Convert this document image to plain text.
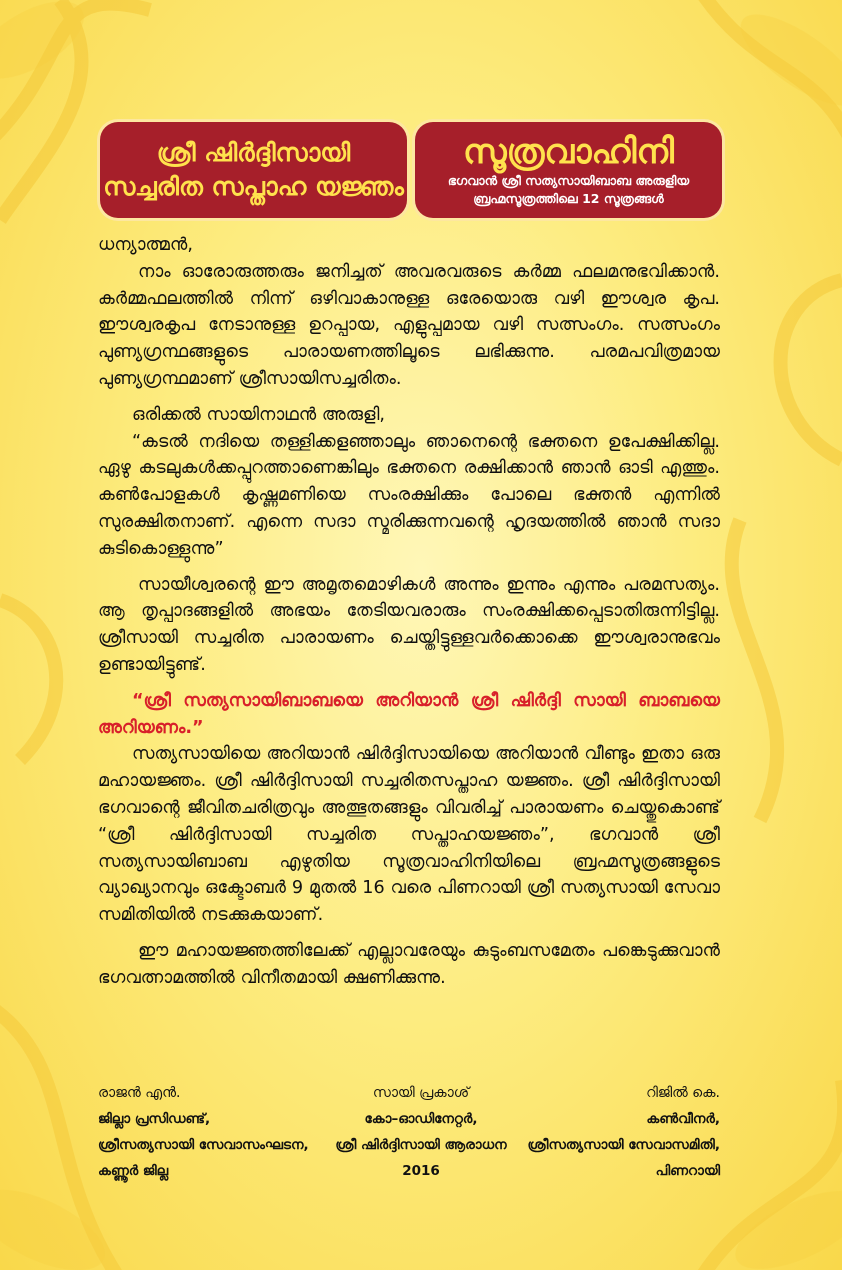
ശ്രീ ഷിർദ്ദിസായി
സച്ചരിത സപ്താഹ യജ്ഞം
സൂത്രവാഹിനി
ഭഗവാൻ ശ്രീ സത്യസായിബാബ അരുളിയ
ബ്രഹ്മസൂത്രത്തിലെ 12 സൂത്രങ്ങൾ

ധന്യാത്മൻ,

നാം ഓരോരുത്തരും ജനിച്ചത് അവരവരുടെ കർമ്മ ഫലമനുഭവിക്കാൻ. കർമ്മഫലത്തിൽ നിന്ന് ഒഴിവാകാനുള്ള ഒരേയൊരു വഴി ഈശ്വര കൃപ. ഈശ്വരകൃപ നേടാനുള്ള ഉറപ്പായ, എളുപ്പമായ വഴി സത്സംഗം. സത്സംഗം പുണ്യഗ്രന്ഥങ്ങളുടെ പാരായണത്തിലൂടെ ലഭിക്കുന്നു. പരമപവിത്രമായ പുണ്യഗ്രന്ഥമാണ് ശ്രീസായിസച്ചരിതം.

ഒരിക്കൽ സായിനാഥൻ അരുളി,

“കടൽ നദിയെ തള്ളിക്കളഞ്ഞാലും ഞാനെന്റെ ഭക്തനെ ഉപേക്ഷിക്കില്ല. ഏഴു കടലുകൾക്കപ്പുറത്താണെങ്കിലും ഭക്തനെ രക്ഷിക്കാൻ ഞാൻ ഓടി എത്തും. കൺപോളകൾ കൃഷ്ണമണിയെ സംരക്ഷിക്കും പോലെ ഭക്തൻ എന്നിൽ സുരക്ഷിതനാണ്. എന്നെ സദാ സ്മരിക്കുന്നവന്റെ ഹൃദയത്തിൽ ഞാൻ സദാ കുടികൊള്ളുന്നു”

സായീശ്വരന്റെ ഈ അമൃതമൊഴികൾ അന്നും ഇന്നും എന്നും പരമസത്യം. ആ തൃപ്പാദങ്ങളിൽ അഭയം തേടിയവരാരും സംരക്ഷിക്കപ്പെടാതിരുന്നിട്ടില്ല. ശ്രീസായി സച്ചരിത പാരായണം ചെയ്തിട്ടുള്ളവർക്കൊക്കെ ഈശ്വരാനുഭവം ഉണ്ടായിട്ടുണ്ട്.

“ശ്രീ സത്യസായിബാബയെ അറിയാൻ ശ്രീ ഷിർദ്ദി സായി ബാബയെ അറിയണം.”

സത്യസായിയെ അറിയാൻ ഷിർദ്ദിസായിയെ അറിയാൻ വീണ്ടും ഇതാ ഒരു മഹായജ്ഞം. ശ്രീ ഷിർദ്ദിസായി സച്ചരിതസപ്താഹ യജ്ഞം. ശ്രീ ഷിർദ്ദിസായി ഭഗവാന്റെ ജീവിതചരിത്രവും അത്ഭുതങ്ങളും വിവരിച്ച് പാരായണം ചെയ്തുകൊണ്ട് “ശ്രീ ഷിർദ്ദിസായി സച്ചരിത സപ്താഹയജ്ഞം”, ഭഗവാൻ ശ്രീ സത്യസായിബാബ എഴുതിയ സൂത്രവാഹിനിയിലെ ബ്രഹ്മസൂത്രങ്ങളുടെ വ്യാഖ്യാനവും ഒക്ടോബർ 9 മുതൽ 16 വരെ പിണറായി ശ്രീ സത്യസായി സേവാ സമിതിയിൽ നടക്കുകയാണ്.

ഈ മഹായജ്ഞത്തിലേക്ക് എല്ലാവരേയും കുടുംബസമേതം പങ്കെടുക്കുവാൻ ഭഗവത്നാമത്തിൽ വിനീതമായി ക്ഷണിക്കുന്നു.

രാജൻ എൻ.
ജില്ലാ പ്രസിഡണ്ട്,
ശ്രീസത്യസായി സേവാസംഘടന,
കണ്ണൂർ ജില്ല
സായി പ്രകാശ്
കോ–ഓഡിനേറ്റർ,
ശ്രീ ഷിർദ്ദിസായി ആരാധന
2016
റിജിൽ കെ.
കൺവീനർ,
ശ്രീസത്യസായി സേവാസമിതി,
പിണറായി
